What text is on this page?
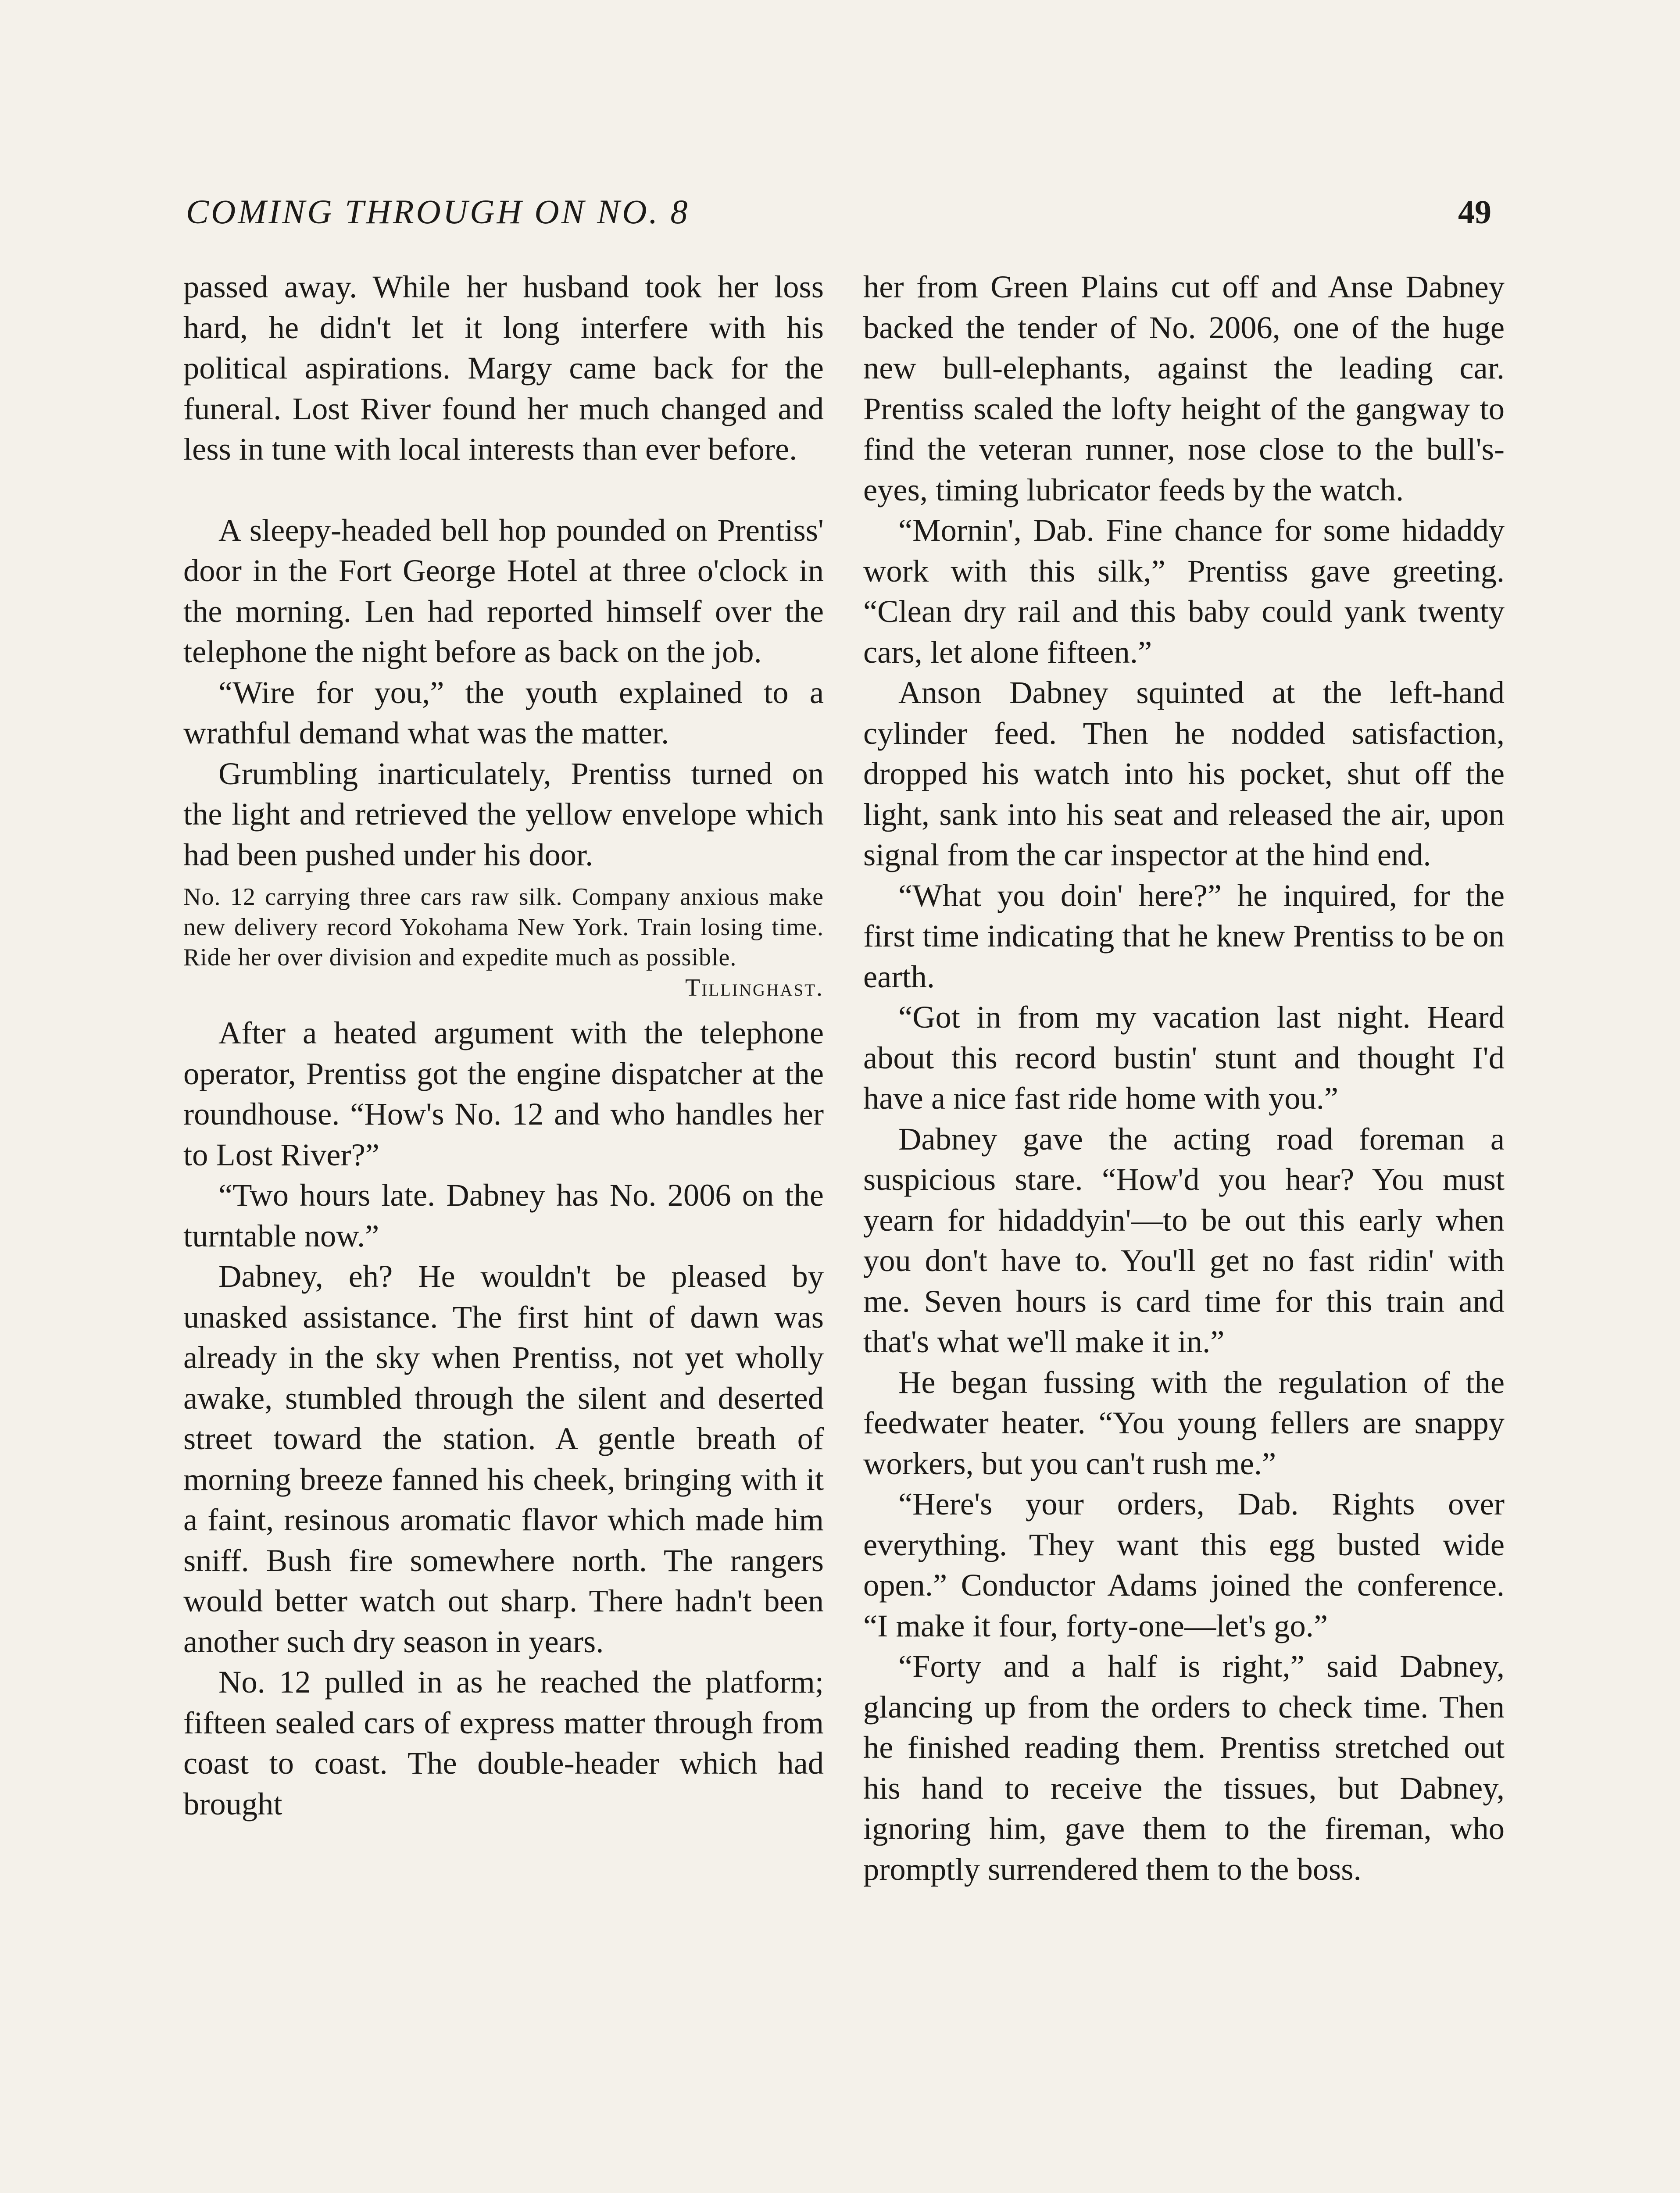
COMING THROUGH ON NO. 8	49

passed away. While her husband took her loss hard, he didn't let it long interfere with his political aspirations. Margy came back for the funeral. Lost River found her much changed and less in tune with local interests than ever before.

A sleepy-headed bell hop pounded on Prentiss' door in the Fort George Hotel at three o'clock in the morning. Len had reported himself over the telephone the night before as back on the job.

“Wire for you,” the youth explained to a wrathful demand what was the matter.

Grumbling inarticulately, Prentiss turned on the light and retrieved the yellow envelope which had been pushed under his door.

No. 12 carrying three cars raw silk. Company anxious make new delivery record Yokohama New York. Train losing time. Ride her over division and expedite much as possible.
Tillinghast.

After a heated argument with the telephone operator, Prentiss got the engine dispatcher at the roundhouse. “How's No. 12 and who handles her to Lost River?”

“Two hours late. Dabney has No. 2006 on the turntable now.”

Dabney, eh? He wouldn't be pleased by unasked assistance. The first hint of dawn was already in the sky when Prentiss, not yet wholly awake, stumbled through the silent and deserted street toward the station. A gentle breath of morning breeze fanned his cheek, bringing with it a faint, resinous aromatic flavor which made him sniff. Bush fire somewhere north. The rangers would better watch out sharp. There hadn't been another such dry season in years.

No. 12 pulled in as he reached the platform; fifteen sealed cars of express matter through from coast to coast. The double-header which had brought

her from Green Plains cut off and Anse Dabney backed the tender of No. 2006, one of the huge new bull-elephants, against the leading car. Prentiss scaled the lofty height of the gangway to find the veteran runner, nose close to the bull's-eyes, timing lubricator feeds by the watch.

“Mornin', Dab. Fine chance for some hidaddy work with this silk,” Prentiss gave greeting. “Clean dry rail and this baby could yank twenty cars, let alone fifteen.”

Anson Dabney squinted at the left-hand cylinder feed. Then he nodded satisfaction, dropped his watch into his pocket, shut off the light, sank into his seat and released the air, upon signal from the car inspector at the hind end.

“What you doin' here?” he inquired, for the first time indicating that he knew Prentiss to be on earth.

“Got in from my vacation last night. Heard about this record bustin' stunt and thought I'd have a nice fast ride home with you.”

Dabney gave the acting road foreman a suspicious stare. “How'd you hear? You must yearn for hidaddyin'—to be out this early when you don't have to. You'll get no fast ridin' with me. Seven hours is card time for this train and that's what we'll make it in.”

He began fussing with the regulation of the feedwater heater. “You young fellers are snappy workers, but you can't rush me.”

“Here's your orders, Dab. Rights over everything. They want this egg busted wide open.” Conductor Adams joined the conference. “I make it four, forty-one—let's go.”

“Forty and a half is right,” said Dabney, glancing up from the orders to check time. Then he finished reading them. Prentiss stretched out his hand to receive the tissues, but Dabney, ignoring him, gave them to the fireman, who promptly surrendered them to the boss.
